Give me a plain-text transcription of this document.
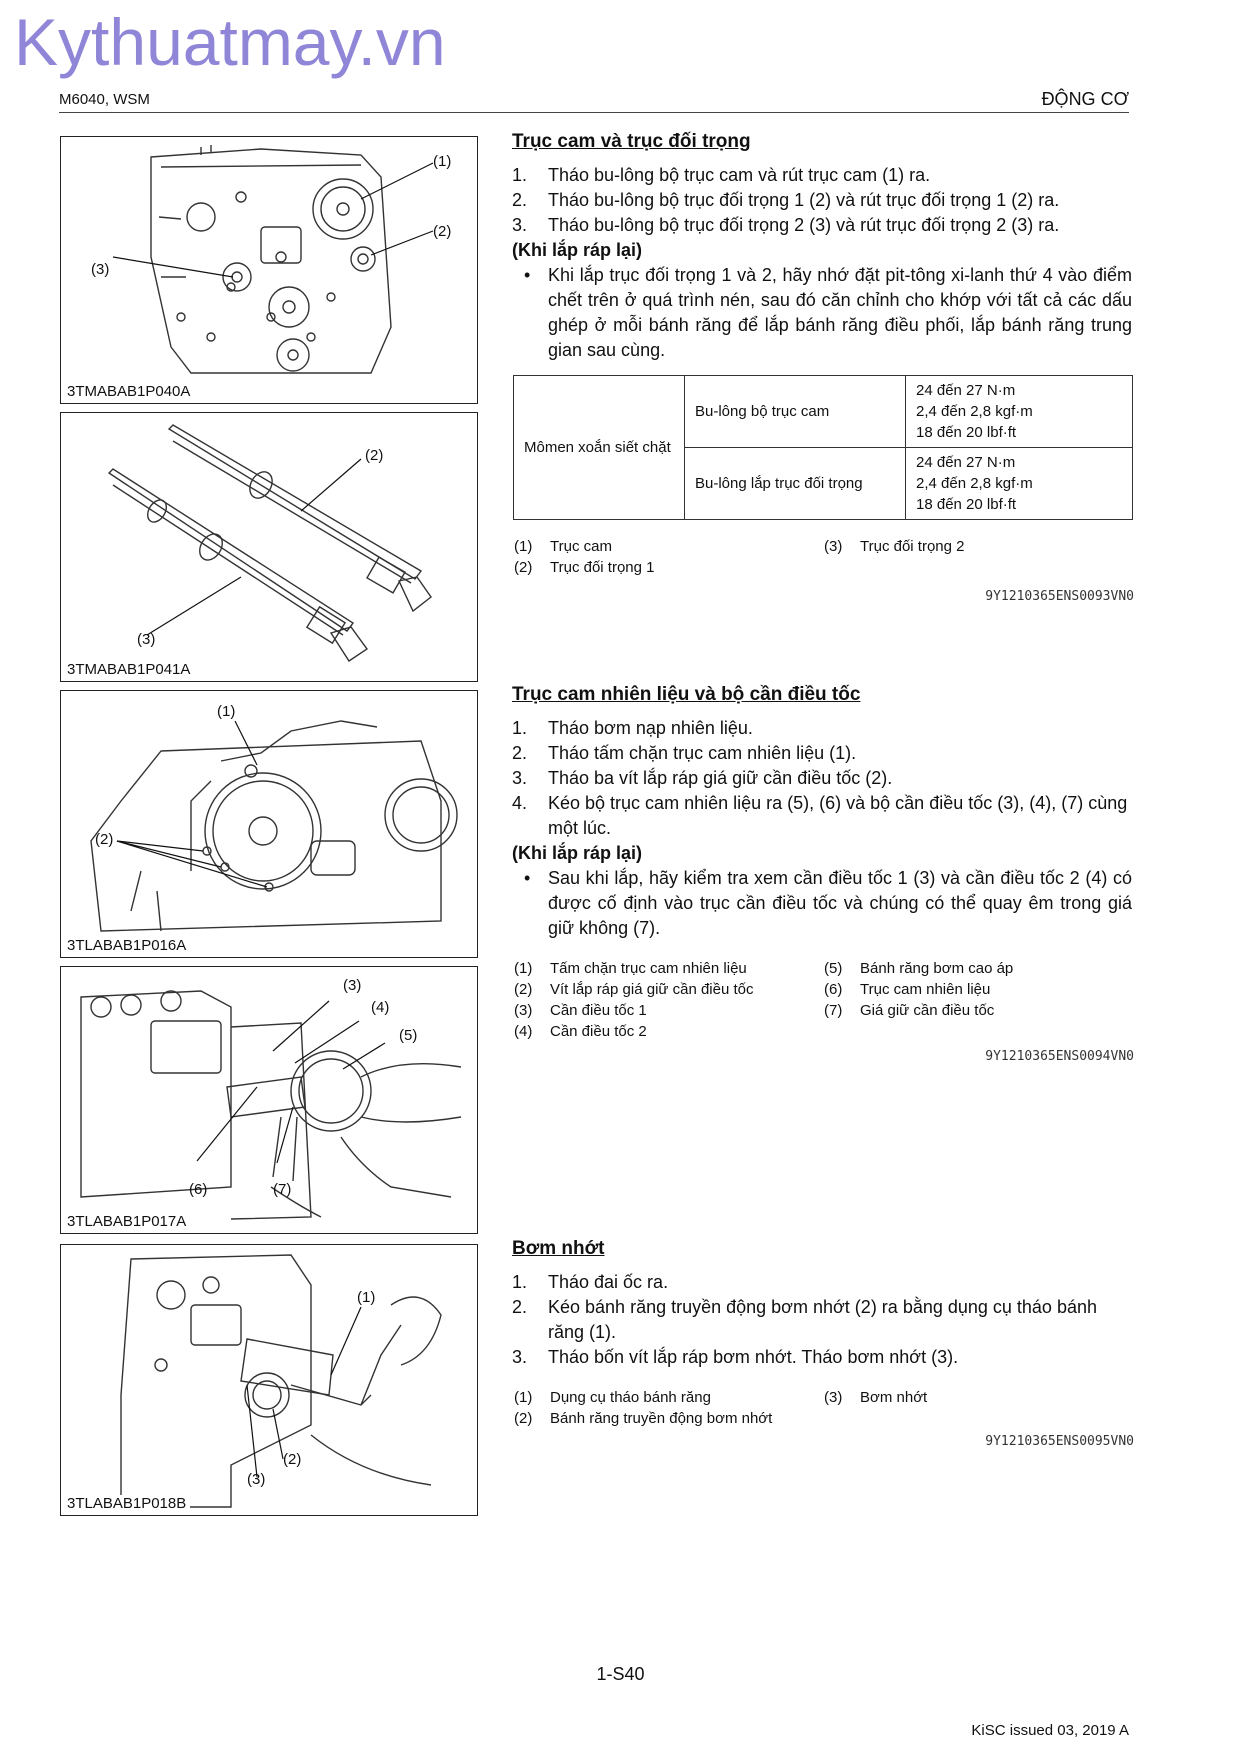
Kythuatmay.vn
M6040, WSM	ĐỘNG CƠ
(1)
(2)
(3)
3TMABAB1P040A
(2)
(3)
3TMABAB1P041A
(1)
(2)
3TLABAB1P016A
(3)
(4)
(5)
(6)	(7)
3TLABAB1P017A
(1)
(2)
(3)
3TLABAB1P018B
Trục cam và trục đối trọng
1.	Tháo bu-lông bộ trục cam và rút trục cam (1) ra.
2.	Tháo bu-lông bộ trục đối trọng 1 (2) và rút trục đối trọng 1 (2) ra.
3.	Tháo bu-lông bộ trục đối trọng 2 (3) và rút trục đối trọng 2 (3) ra.
(Khi lắp ráp lại)
• Khi lắp trục đối trọng 1 và 2, hãy nhớ đặt pit-tông xi-lanh thứ 4 vào điểm chết trên ở quá trình nén, sau đó căn chỉnh cho khớp với tất cả các dấu ghép ở mỗi bánh răng để lắp bánh răng điều phối, lắp bánh răng trung gian sau cùng.
Mômen xoắn siết chặt	Bu-lông bộ trục cam	24 đến 27 N·m
2,4 đến 2,8 kgf·m
18 đến 20 lbf·ft

	Bu-lông lắp trục đối trọng	24 đến 27 N·m
2,4 đến 2,8 kgf·m
18 đến 20 lbf·ft
(1) Trục cam
(2) Trục đối trọng 1
(3) Trục đối trọng 2
9Y1210365ENS0093VN0
Trục cam nhiên liệu và bộ cần điều tốc
1.	Tháo bơm nạp nhiên liệu.
2.	Tháo tấm chặn trục cam nhiên liệu (1).
3.	Tháo ba vít lắp ráp giá giữ cần điều tốc (2).
4.	Kéo bộ trục cam nhiên liệu ra (5), (6) và bộ cần điều tốc (3), (4), (7) cùng một lúc.
(Khi lắp ráp lại)
• Sau khi lắp, hãy kiểm tra xem cần điều tốc 1 (3) và cần điều tốc 2 (4) có được cố định vào trục cần điều tốc và chúng có thể quay êm trong giá giữ không (7).
(1) Tấm chặn trục cam nhiên liệu
(2) Vít lắp ráp giá giữ cần điều tốc
(3) Cần điều tốc 1
(4) Cần điều tốc 2
(5) Bánh răng bơm cao áp
(6) Trục cam nhiên liệu
(7) Giá giữ cần điều tốc
9Y1210365ENS0094VN0
Bơm nhớt
1.	Tháo đai ốc ra.
2.	Kéo bánh răng truyền động bơm nhớt (2) ra bằng dụng cụ tháo bánh răng (1).
3.	Tháo bốn vít lắp ráp bơm nhớt. Tháo bơm nhớt (3).
(1) Dụng cụ tháo bánh răng
(2) Bánh răng truyền động bơm nhớt
(3) Bơm nhớt
9Y1210365ENS0095VN0
1-S40
KiSC issued 03, 2019 A
